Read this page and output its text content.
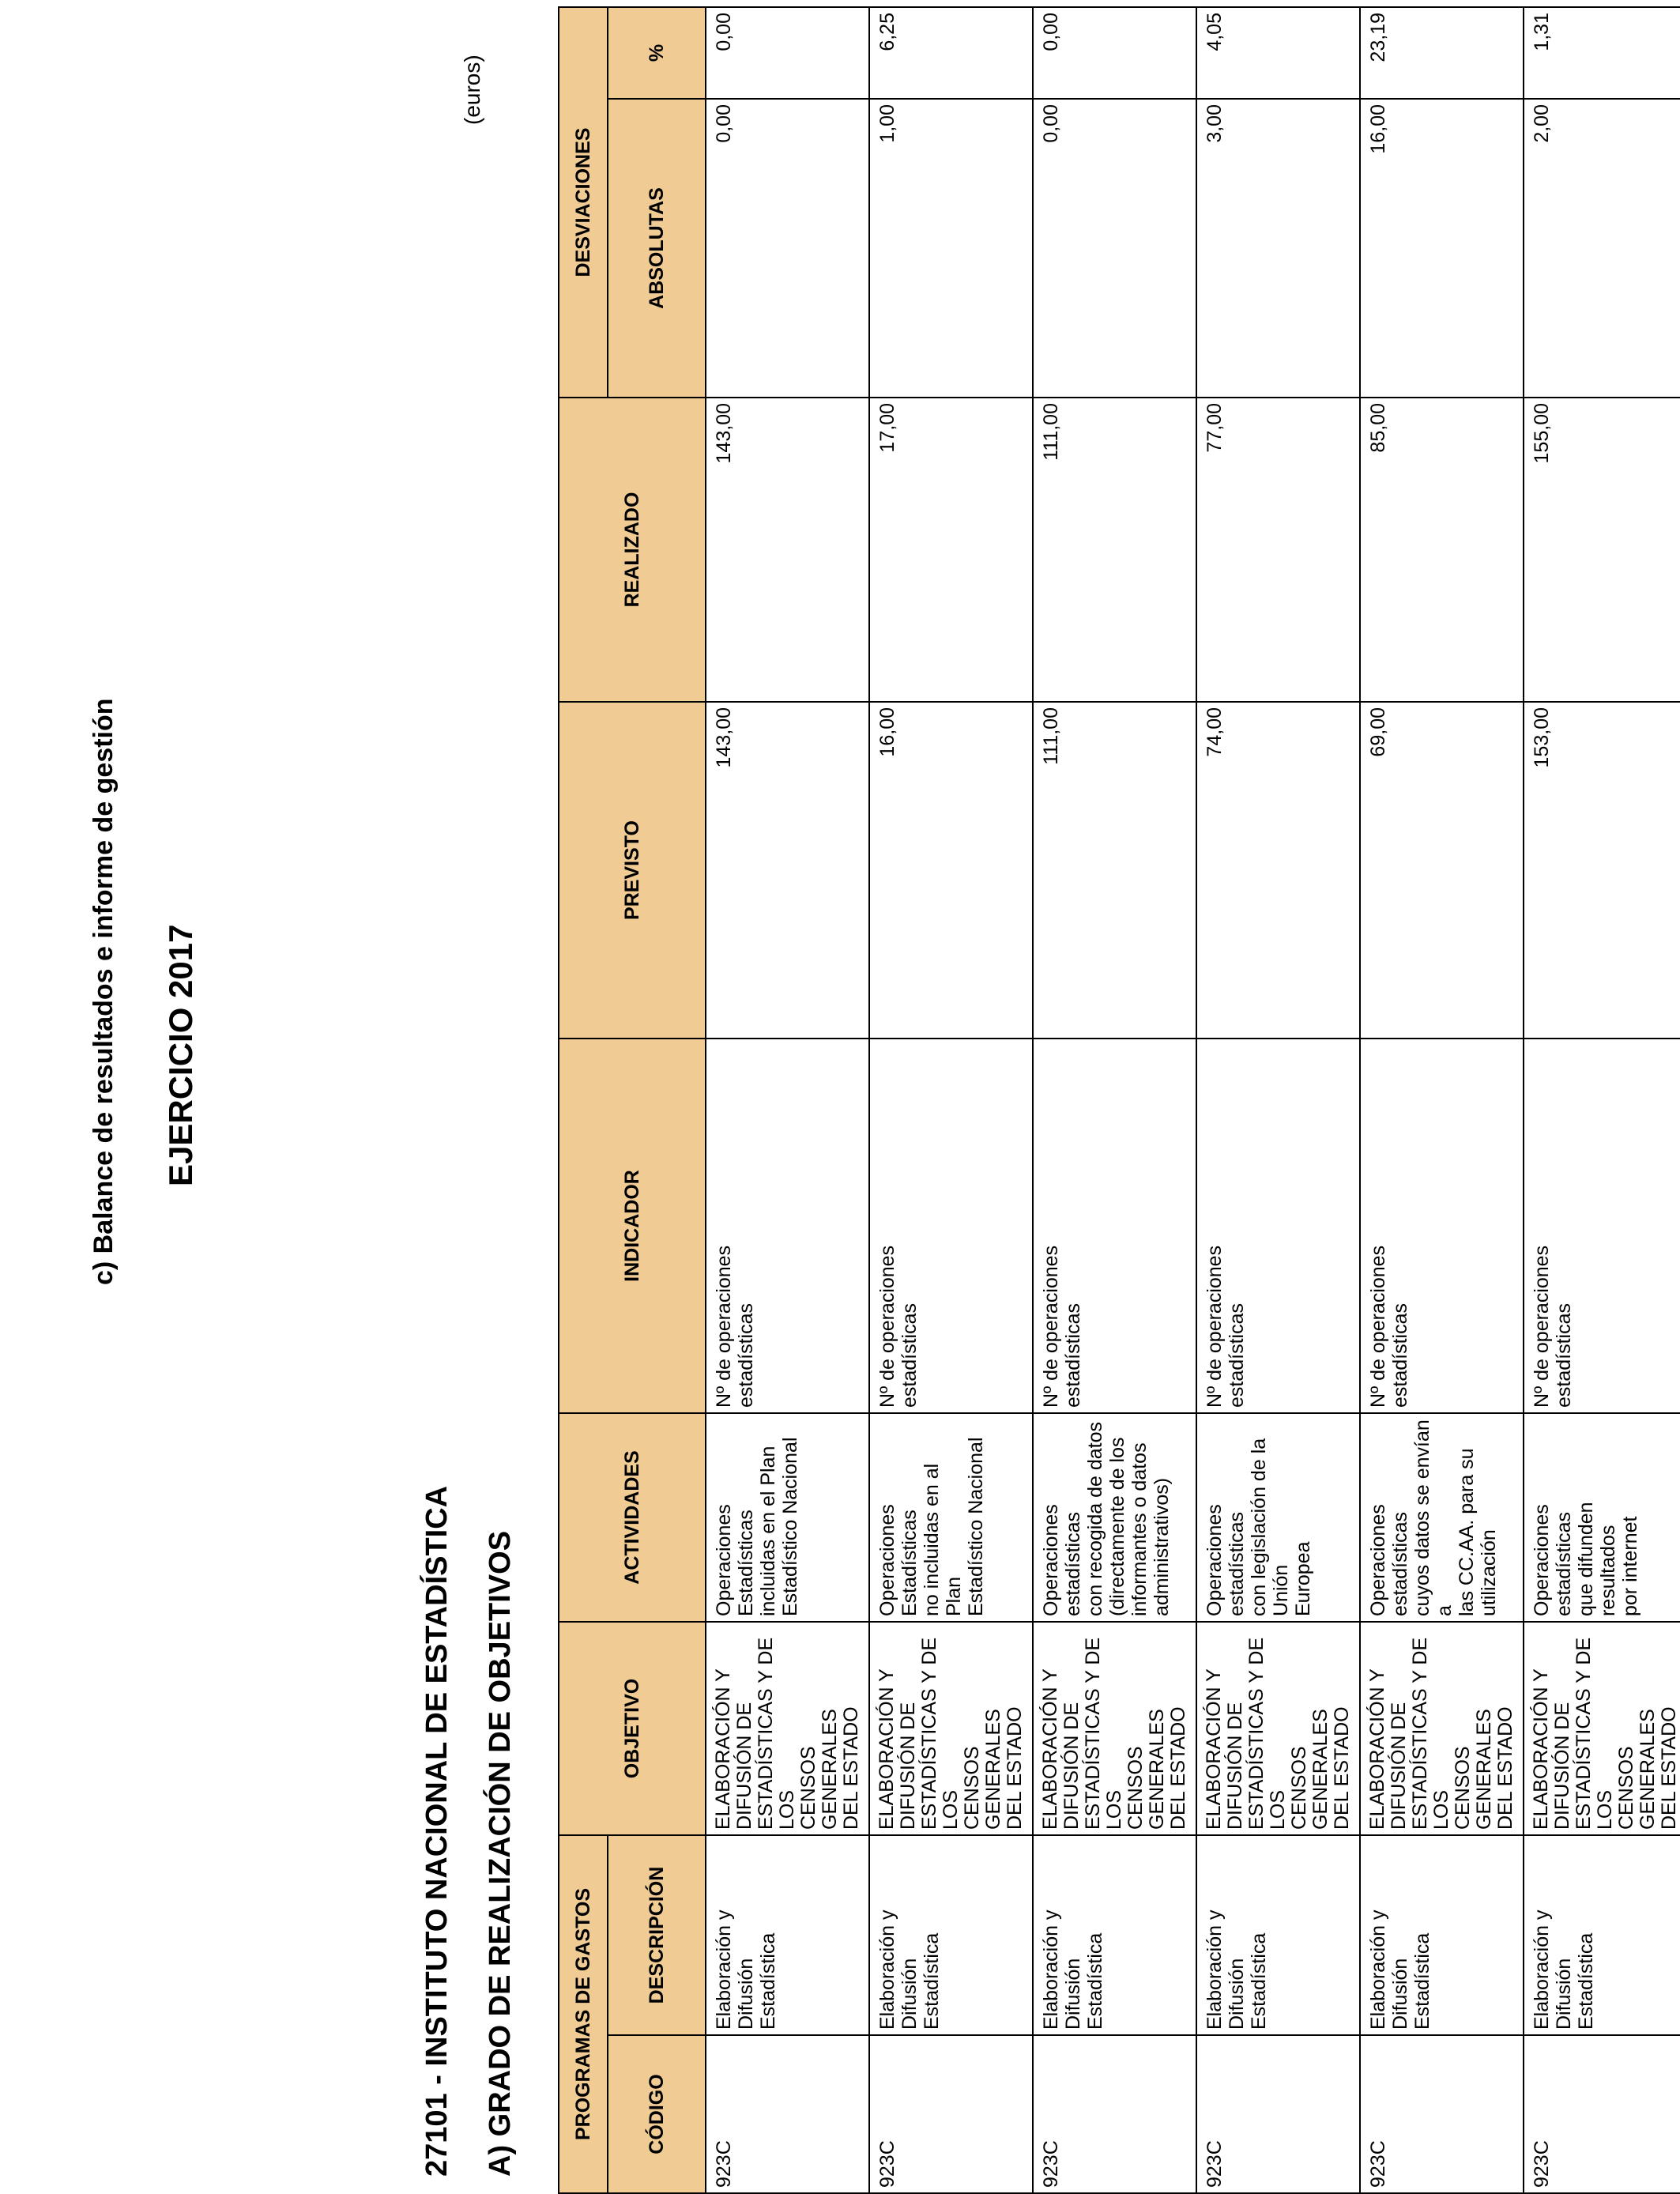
c) Balance de resultados e informe de gestión EJERCICIO 2017
27101 - INSTITUTO NACIONAL DE ESTADÍSTICA A) GRADO DE REALIZACIÓN DE OBJETIVOS
(euros)
PROGRAMAS DE GASTOS		OBJETIVO	ACTIVIDADES	INDICADOR	PREVISTO	REALIZADO	DESVIACIONES	
CÓDIGO	DESCRIPCIÓN						ABSOLUTAS	%
923C	Elaboración y Difusión
Estadística	ELABORACIÓN Y
DIFUSIÓN DE
ESTADÍSTICAS Y DE LOS
CENSOS GENERALES
DEL ESTADO	Operaciones Estadísticas
incluidas en el Plan
Estadístico Nacional	Nº de operaciones
estadísticas	143,00	143,00	0,00	0,00
923C	Elaboración y Difusión
Estadística	ELABORACIÓN Y
DIFUSIÓN DE
ESTADÍSTICAS Y DE LOS
CENSOS GENERALES
DEL ESTADO	Operaciones Estadísticas
no incluidas en al Plan
Estadístico Nacional	Nº de operaciones
estadísticas	16,00	17,00	1,00	6,25
923C	Elaboración y Difusión
Estadística	ELABORACIÓN Y
DIFUSIÓN DE
ESTADÍSTICAS Y DE LOS
CENSOS GENERALES
DEL ESTADO	Operaciones estadísticas
con recogida de datos
(directamente de los
informantes o datos
administrativos)	Nº de operaciones
estadísticas	111,00	111,00	0,00	0,00
923C	Elaboración y Difusión
Estadística	ELABORACIÓN Y
DIFUSIÓN DE
ESTADÍSTICAS Y DE LOS
CENSOS GENERALES
DEL ESTADO	Operaciones estadísticas
con legislación de la Unión
Europea	Nº de operaciones
estadísticas	74,00	77,00	3,00	4,05
923C	Elaboración y Difusión
Estadística	ELABORACIÓN Y
DIFUSIÓN DE
ESTADÍSTICAS Y DE LOS
CENSOS GENERALES
DEL ESTADO	Operaciones estadísticas
cuyos datos se envían a
las CC.AA. para su
utilización	Nº de operaciones
estadísticas	69,00	85,00	16,00	23,19
923C	Elaboración y Difusión
Estadística	ELABORACIÓN Y
DIFUSIÓN DE
ESTADÍSTICAS Y DE LOS
CENSOS GENERALES
DEL ESTADO	Operaciones estadísticas
que difunden resultados
por internet	Nº de operaciones
estadísticas	153,00	155,00	2,00	1,31
